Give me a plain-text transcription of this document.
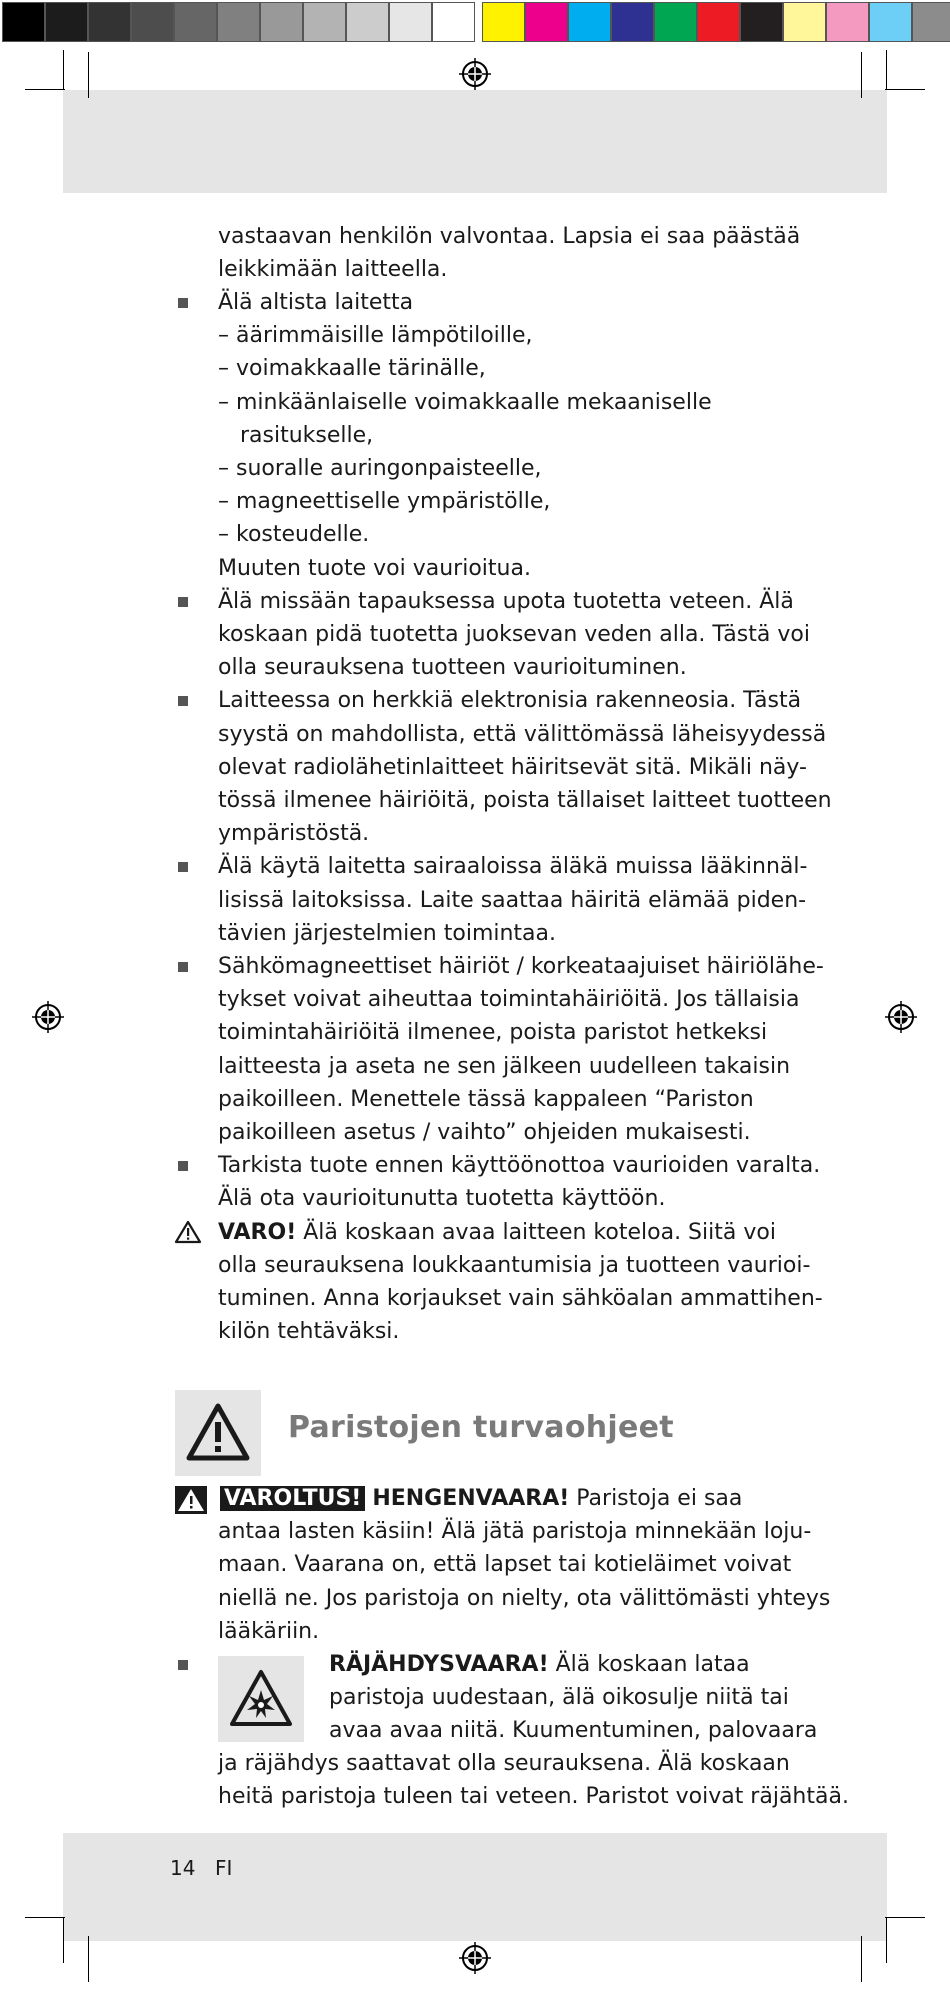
vastaavan henkilön valvontaa. Lapsia ei saa päästää
leikkimään laitteella.
Älä altista laitetta
– äärimmäisille lämpötiloille,
– voimakkaalle tärinälle,
– minkäänlaiselle voimakkaalle mekaaniselle
rasitukselle,
– suoralle auringonpaisteelle,
– magneettiselle ympäristölle,
– kosteudelle.
Muuten tuote voi vaurioitua.
Älä missään tapauksessa upota tuotetta veteen. Älä
koskaan pidä tuotetta juoksevan veden alla. Tästä voi
olla seurauksena tuotteen vaurioituminen.
Laitteessa on herkkiä elektronisia rakenneosia. Tästä
syystä on mahdollista, että välittömässä läheisyydessä
olevat radiolähetinlaitteet häiritsevät sitä. Mikäli näy-
tössä ilmenee häiriöitä, poista tällaiset laitteet tuotteen
ympäristöstä.
Älä käytä laitetta sairaaloissa äläkä muissa lääkinnäl-
lisissä laitoksissa. Laite saattaa häiritä elämää piden-
tävien järjestelmien toimintaa.
Sähkömagneettiset häiriöt / korkeataajuiset häiriölähe-
tykset voivat aiheuttaa toimintahäiriöitä. Jos tällaisia
toimintahäiriöitä ilmenee, poista paristot hetkeksi
laitteesta ja aseta ne sen jälkeen uudelleen takaisin
paikoilleen. Menettele tässä kappaleen “Pariston
paikoilleen asetus / vaihto” ohjeiden mukaisesti.
Tarkista tuote ennen käyttöönottoa vaurioiden varalta.
Älä ota vaurioitunutta tuotetta käyttöön.
VARO! Älä koskaan avaa laitteen koteloa. Siitä voi
olla seurauksena loukkaantumisia ja tuotteen vaurioi-
tuminen. Anna korjaukset vain sähköalan ammattihen-
kilön tehtäväksi.
Paristojen turvaohjeet
VAROLTUS! HENGENVAARA! Paristoja ei saa
antaa lasten käsiin! Älä jätä paristoja minnekään loju-
maan. Vaarana on, että lapset tai kotieläimet voivat
niellä ne. Jos paristoja on nielty, ota välittömästi yhteys
lääkäriin.
RÄJÄHDYSVAARA! Älä koskaan lataa
paristoja uudestaan, älä oikosulje niitä tai
avaa avaa niitä. Kuumentuminen, palovaara
ja räjähdys saattavat olla seurauksena. Älä koskaan
heitä paristoja tuleen tai veteen. Paristot voivat räjähtää.
14 FI
